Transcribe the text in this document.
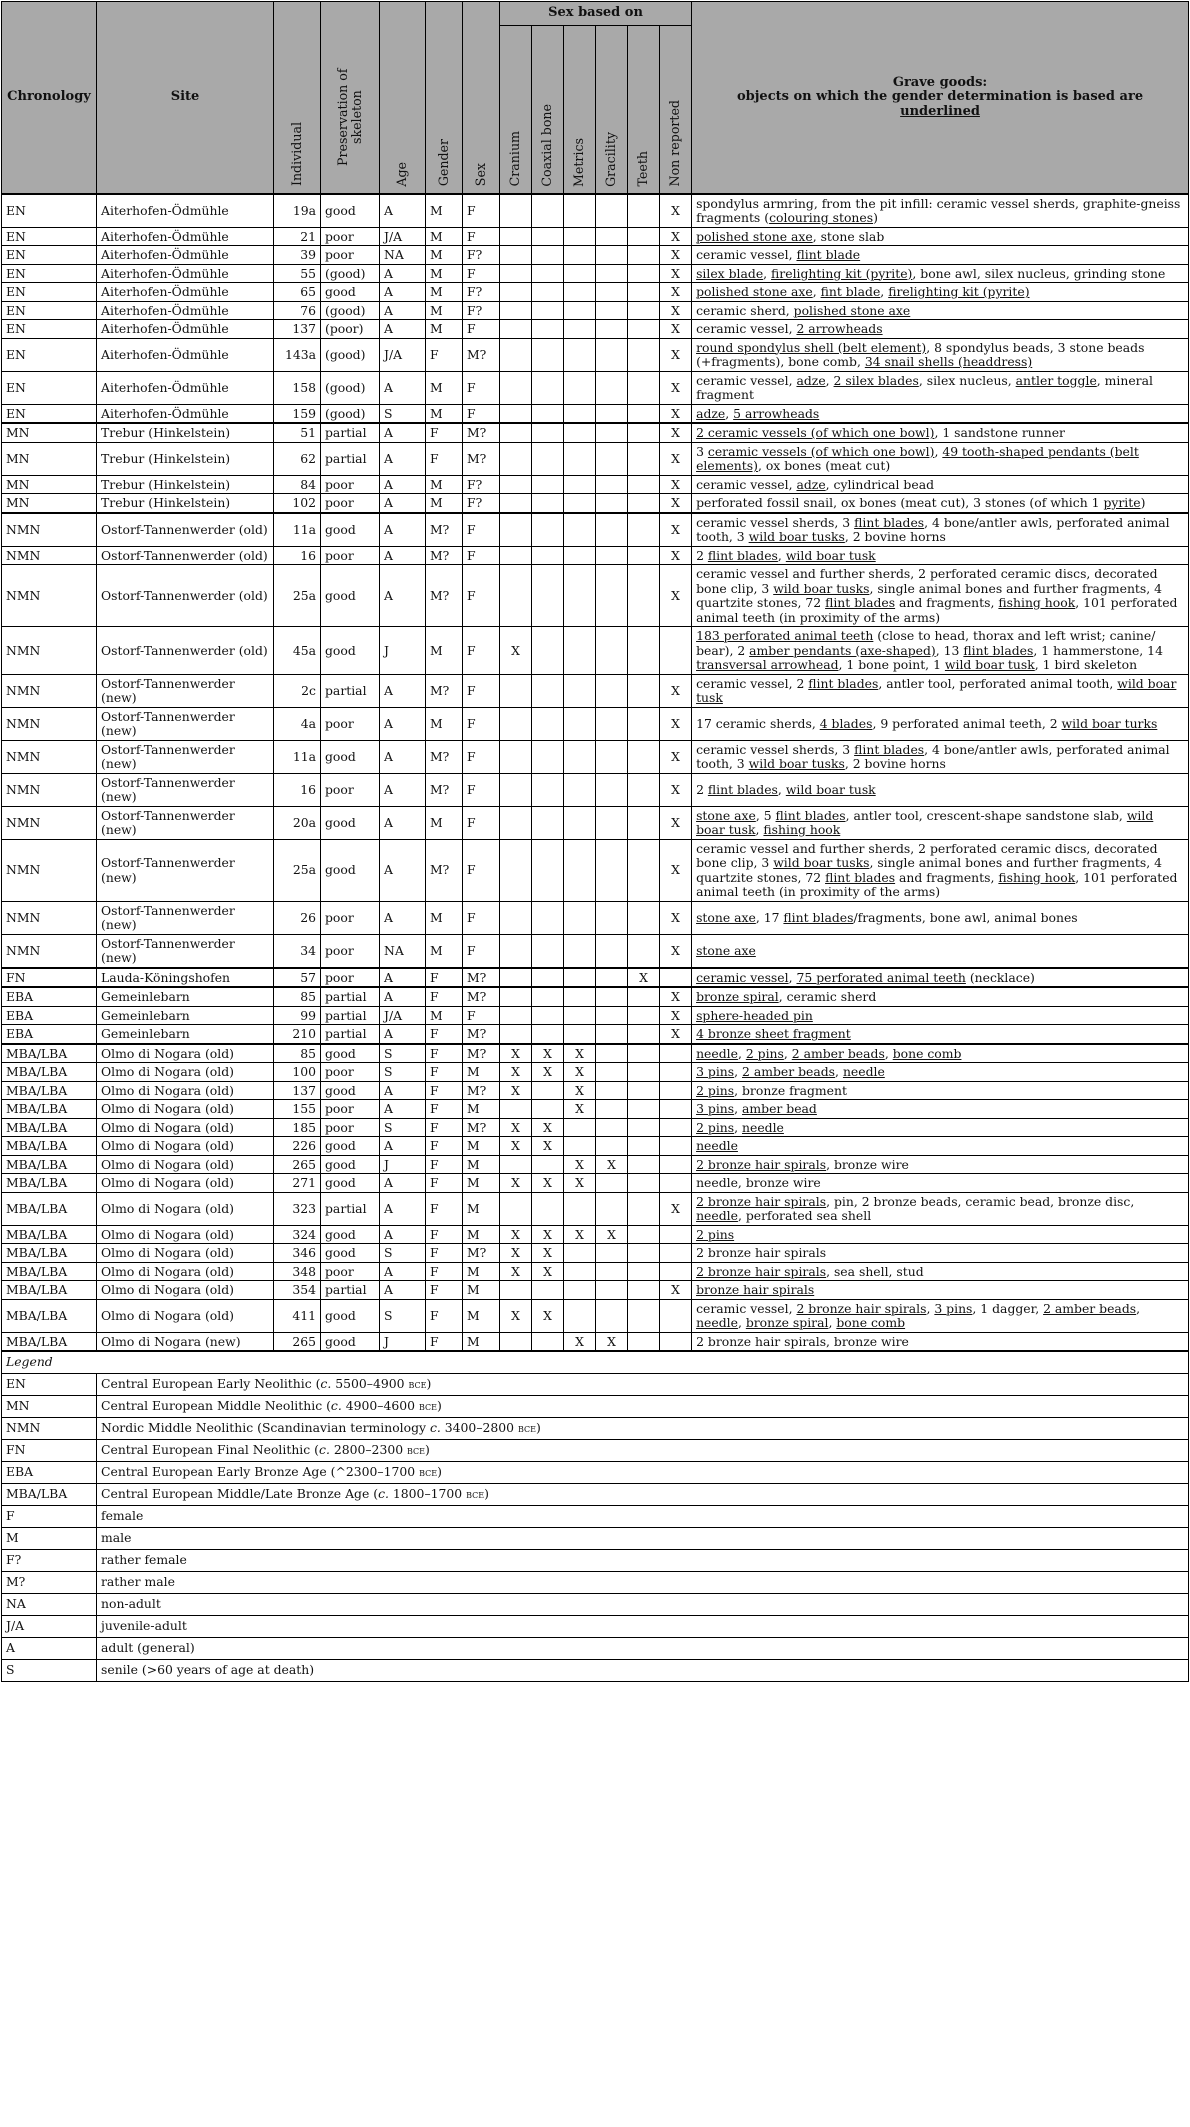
Chronology	Site	Individual	Preservation of skeleton	Age	Gender	Sex	Sex based on						Grave goods:
objects on which the gender determination is based are underlined

							Cranium	Coaxial bone	Metrics	Gracility	Teeth	Non reported	

EN	Aiterhofen-Ödmühle	19a	good	A	M	F						X	spondylus armring, from the pit infill: ceramic vessel sherds, graphite-gneiss fragments (colouring stones)
EN	Aiterhofen-Ödmühle	21	poor	J/A	M	F						X	polished stone axe, stone slab
EN	Aiterhofen-Ödmühle	39	poor	NA	M	F?						X	ceramic vessel, flint blade
EN	Aiterhofen-Ödmühle	55	(good)	A	M	F						X	silex blade, firelighting kit (pyrite), bone awl, silex nucleus, grinding stone
EN	Aiterhofen-Ödmühle	65	good	A	M	F?						X	polished stone axe, fint blade, firelighting kit (pyrite)
EN	Aiterhofen-Ödmühle	76	(good)	A	M	F?						X	ceramic sherd, polished stone axe
EN	Aiterhofen-Ödmühle	137	(poor)	A	M	F						X	ceramic vessel, 2 arrowheads
EN	Aiterhofen-Ödmühle	143a	(good)	J/A	F	M?						X	round spondylus shell (belt element), 8 spondylus beads, 3 stone beads (+fragments), bone comb, 34 snail shells (headdress)
EN	Aiterhofen-Ödmühle	158	(good)	A	M	F						X	ceramic vessel, adze, 2 silex blades, silex nucleus, antler toggle, mineral fragment
EN	Aiterhofen-Ödmühle	159	(good)	S	M	F						X	adze, 5 arrowheads
MN	Trebur (Hinkelstein)	51	partial	A	F	M?						X	2 ceramic vessels (of which one bowl), 1 sandstone runner
MN	Trebur (Hinkelstein)	62	partial	A	F	M?						X	3 ceramic vessels (of which one bowl), 49 tooth-shaped pendants (belt elements), ox bones (meat cut)
MN	Trebur (Hinkelstein)	84	poor	A	M	F?						X	ceramic vessel, adze, cylindrical bead
MN	Trebur (Hinkelstein)	102	poor	A	M	F?						X	perforated fossil snail, ox bones (meat cut), 3 stones (of which 1 pyrite)
NMN	Ostorf-Tannenwerder (old)	11a	good	A	M?	F						X	ceramic vessel sherds, 3 flint blades, 4 bone/antler awls, perforated animal tooth, 3 wild boar tusks, 2 bovine horns
NMN	Ostorf-Tannenwerder (old)	16	poor	A	M?	F						X	2 flint blades, wild boar tusk
NMN	Ostorf-Tannenwerder (old)	25a	good	A	M?	F						X	ceramic vessel and further sherds, 2 perforated ceramic discs, decorated bone clip, 3 wild boar tusks, single animal bones and further fragments, 4 quartzite stones, 72 flint blades and fragments, fishing hook, 101 perforated animal teeth (in proximity of the arms)
NMN	Ostorf-Tannenwerder (old)	45a	good	J	M	F	X						183 perforated animal teeth (close to head, thorax and left wrist; canine/ bear), 2 amber pendants (axe-shaped), 13 flint blades, 1 hammerstone, 14 transversal arrowhead, 1 bone point, 1 wild boar tusk, 1 bird skeleton
NMN	Ostorf-Tannenwerder (new)	2c	partial	A	M?	F						X	ceramic vessel, 2 flint blades, antler tool, perforated animal tooth, wild boar tusk
NMN	Ostorf-Tannenwerder (new)	4a	poor	A	M	F						X	17 ceramic sherds, 4 blades, 9 perforated animal teeth, 2 wild boar turks
NMN	Ostorf-Tannenwerder (new)	11a	good	A	M?	F						X	ceramic vessel sherds, 3 flint blades, 4 bone/antler awls, perforated animal tooth, 3 wild boar tusks, 2 bovine horns
NMN	Ostorf-Tannenwerder (new)	16	poor	A	M?	F						X	2 flint blades, wild boar tusk
NMN	Ostorf-Tannenwerder (new)	20a	good	A	M	F						X	stone axe, 5 flint blades, antler tool, crescent-shape sandstone slab, wild boar tusk, fishing hook
NMN	Ostorf-Tannenwerder (new)	25a	good	A	M?	F						X	ceramic vessel and further sherds, 2 perforated ceramic discs, decorated bone clip, 3 wild boar tusks, single animal bones and further fragments, 4 quartzite stones, 72 flint blades and fragments, fishing hook, 101 perforated animal teeth (in proximity of the arms)
NMN	Ostorf-Tannenwerder (new)	26	poor	A	M	F						X	stone axe, 17 flint blades/fragments, bone awl, animal bones
NMN	Ostorf-Tannenwerder (new)	34	poor	NA	M	F						X	stone axe
FN	Lauda-Köningshofen	57	poor	A	F	M?					X		ceramic vessel, 75 perforated animal teeth (necklace)
EBA	Gemeinlebarn	85	partial	A	F	M?						X	bronze spiral, ceramic sherd
EBA	Gemeinlebarn	99	partial	J/A	M	F						X	sphere-headed pin
EBA	Gemeinlebarn	210	partial	A	F	M?						X	4 bronze sheet fragment
MBA/LBA	Olmo di Nogara (old)	85	good	S	F	M?	X	X	X				needle, 2 pins, 2 amber beads, bone comb
MBA/LBA	Olmo di Nogara (old)	100	poor	S	F	M	X	X	X				3 pins, 2 amber beads, needle
MBA/LBA	Olmo di Nogara (old)	137	good	A	F	M?	X		X				2 pins, bronze fragment
MBA/LBA	Olmo di Nogara (old)	155	poor	A	F	M			X				3 pins, amber bead
MBA/LBA	Olmo di Nogara (old)	185	poor	S	F	M?	X	X					2 pins, needle
MBA/LBA	Olmo di Nogara (old)	226	good	A	F	M	X	X					needle
MBA/LBA	Olmo di Nogara (old)	265	good	J	F	M			X	X			2 bronze hair spirals, bronze wire
MBA/LBA	Olmo di Nogara (old)	271	good	A	F	M	X	X	X				needle, bronze wire
MBA/LBA	Olmo di Nogara (old)	323	partial	A	F	M						X	2 bronze hair spirals, pin, 2 bronze beads, ceramic bead, bronze disc, needle, perforated sea shell
MBA/LBA	Olmo di Nogara (old)	324	good	A	F	M	X	X	X	X			2 pins
MBA/LBA	Olmo di Nogara (old)	346	good	S	F	M?	X	X					2 bronze hair spirals
MBA/LBA	Olmo di Nogara (old)	348	poor	A	F	M	X	X					2 bronze hair spirals, sea shell, stud
MBA/LBA	Olmo di Nogara (old)	354	partial	A	F	M						X	bronze hair spirals
MBA/LBA	Olmo di Nogara (old)	411	good	S	F	M	X	X					ceramic vessel, 2 bronze hair spirals, 3 pins, 1 dagger, 2 amber beads, needle, bronze spiral, bone comb
MBA/LBA	Olmo di Nogara (new)	265	good	J	F	M			X	X			2 bronze hair spirals, bronze wire
Legend													
EN	Central European Early Neolithic (c. 5500–4900 bce)												
MN	Central European Middle Neolithic (c. 4900–4600 bce)												
NMN	Nordic Middle Neolithic (Scandinavian terminology c. 3400–2800 bce)												
FN	Central European Final Neolithic (c. 2800–2300 bce)												
EBA	Central European Early Bronze Age (^2300–1700 bce)												
MBA/LBA	Central European Middle/Late Bronze Age (c. 1800–1700 bce)												
F	female												
M	male												
F?	rather female												
M?	rather male												
NA	non-adult												
J/A	juvenile-adult												
A	adult (general)												
S	senile (>60 years of age at death)												
